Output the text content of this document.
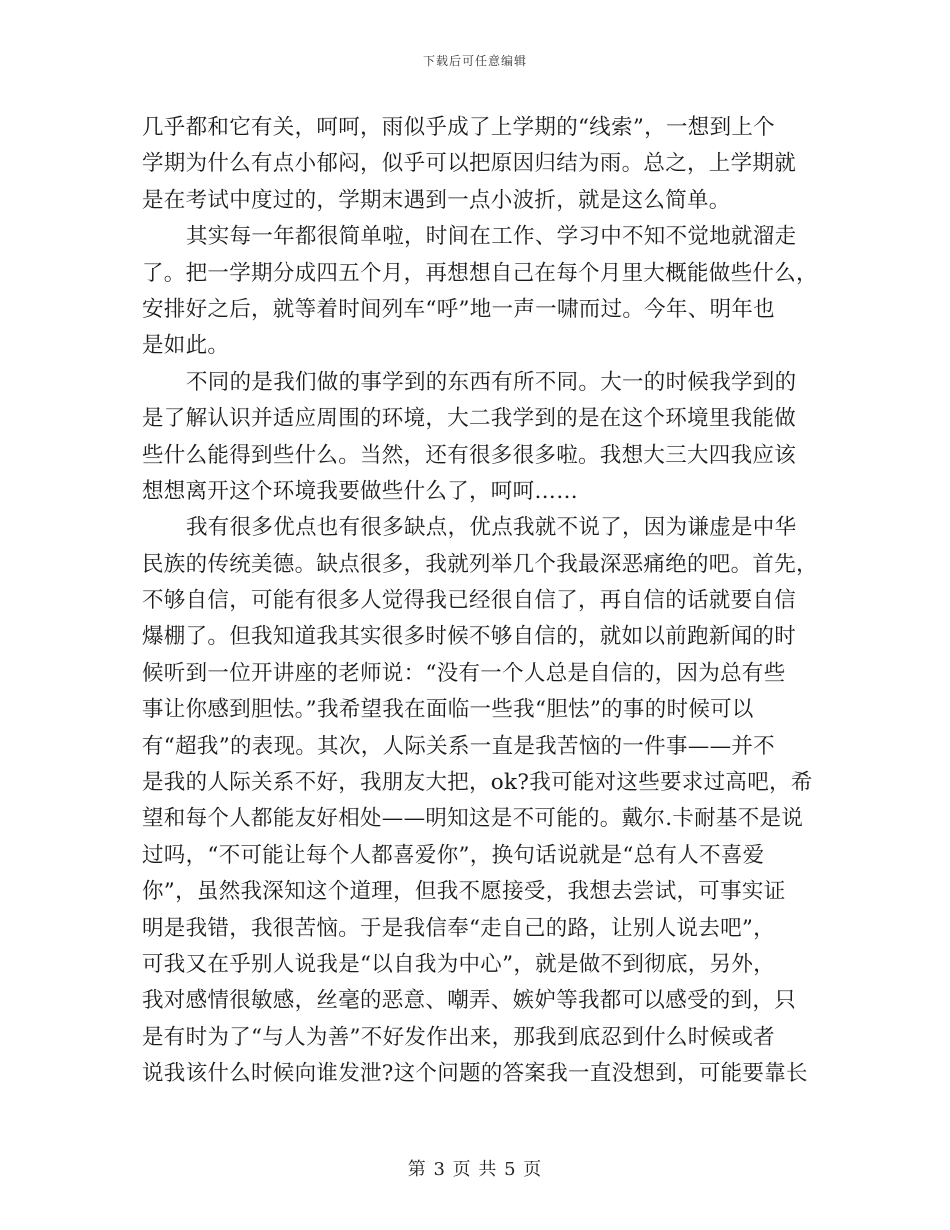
下载后可任意编辑
几乎都和它有关，呵呵，雨似乎成了上学期的“线索”，一想到上个
学期为什么有点小郁闷，似乎可以把原因归结为雨。总之，上学期就
是在考试中度过的，学期末遇到一点小波折，就是这么简单。
其实每一年都很简单啦，时间在工作、学习中不知不觉地就溜走
了。把一学期分成四五个月，再想想自己在每个月里大概能做些什么，
安排好之后，就等着时间列车“呼”地一声一啸而过。今年、明年也
是如此。
不同的是我们做的事学到的东西有所不同。大一的时候我学到的
是了解认识并适应周围的环境，大二我学到的是在这个环境里我能做
些什么能得到些什么。当然，还有很多很多啦。我想大三大四我应该
想想离开这个环境我要做些什么了，呵呵……
我有很多优点也有很多缺点，优点我就不说了，因为谦虚是中华
民族的传统美德。缺点很多，我就列举几个我最深恶痛绝的吧。首先，
不够自信，可能有很多人觉得我已经很自信了，再自信的话就要自信
爆棚了。但我知道我其实很多时候不够自信的，就如以前跑新闻的时
候听到一位开讲座的老师说：“没有一个人总是自信的，因为总有些
事让你感到胆怯。”我希望我在面临一些我“胆怯”的事的时候可以
有“超我”的表现。其次，人际关系一直是我苦恼的一件事——并不
是我的人际关系不好，我朋友大把，ok?我可能对这些要求过高吧，希
望和每个人都能友好相处——明知这是不可能的。戴尔.卡耐基不是说
过吗，“不可能让每个人都喜爱你”，换句话说就是“总有人不喜爱
你”，虽然我深知这个道理，但我不愿接受，我想去尝试，可事实证
明是我错，我很苦恼。于是我信奉“走自己的路，让别人说去吧”，
可我又在乎别人说我是“以自我为中心”，就是做不到彻底，另外，
我对感情很敏感，丝毫的恶意、嘲弄、嫉妒等我都可以感受的到，只
是有时为了“与人为善”不好发作出来，那我到底忍到什么时候或者
说我该什么时候向谁发泄?这个问题的答案我一直没想到，可能要靠长
第 3 页 共 5 页
